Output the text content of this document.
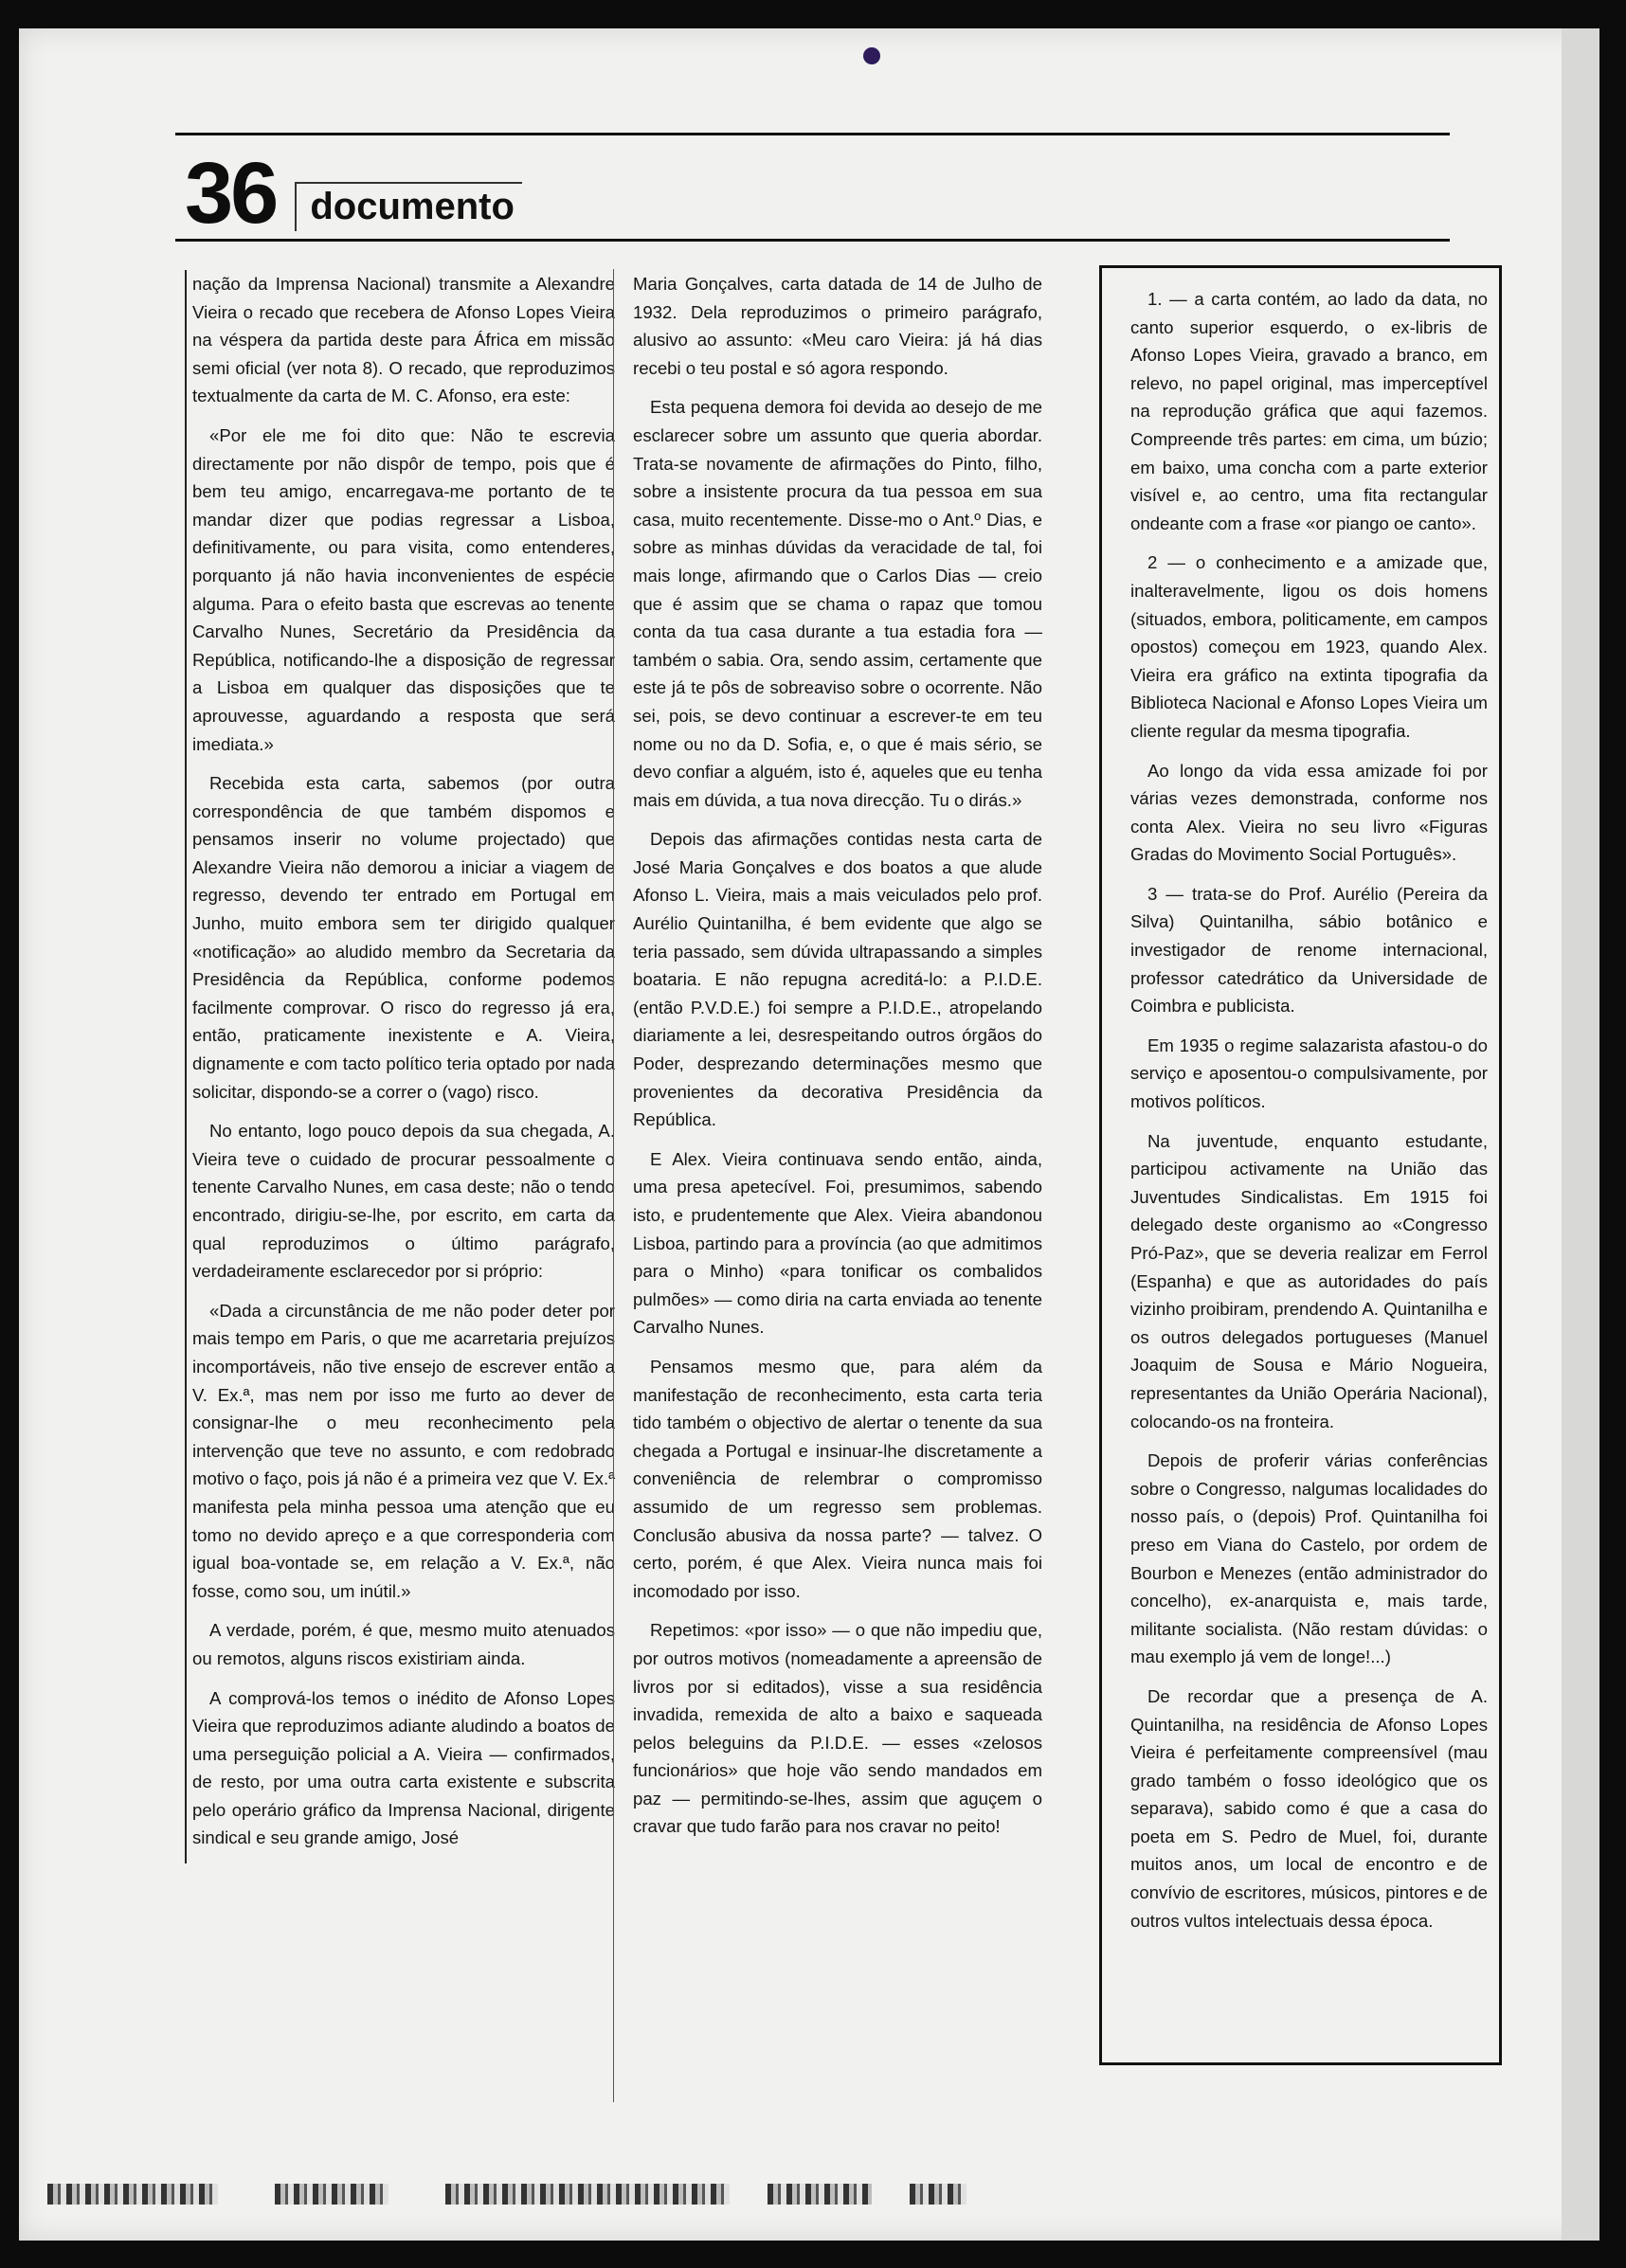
36 documento

nação da Imprensa Nacional) transmite a Alexandre Vieira o recado que recebera de Afonso Lopes Vieira na véspera da partida deste para África em missão semi oficial (ver nota 8). O recado, que reproduzimos textualmente da carta de M. C. Afonso, era este:

«Por ele me foi dito que: Não te escrevia directamente por não dispôr de tempo, pois que é bem teu amigo, encarregava-me portanto de te mandar dizer que podias regressar a Lisboa, definitivamente, ou para visita, como entenderes, porquanto já não havia inconvenientes de espécie alguma. Para o efeito basta que escrevas ao tenente Carvalho Nunes, Secretário da Presidência da República, notificando-lhe a disposição de regressar a Lisboa em qualquer das disposições que te aprouvesse, aguardando a resposta que será imediata.»

Recebida esta carta, sabemos (por outra correspondência de que também dispomos e pensamos inserir no volume projectado) que Alexandre Vieira não demorou a iniciar a viagem de regresso, devendo ter entrado em Portugal em Junho, muito embora sem ter dirigido qualquer «notificação» ao aludido membro da Secretaria da Presidência da República, conforme podemos facilmente comprovar. O risco do regresso já era, então, praticamente inexistente e A. Vieira, dignamente e com tacto político teria optado por nada solicitar, dispondo-se a correr o (vago) risco.

No entanto, logo pouco depois da sua chegada, A. Vieira teve o cuidado de procurar pessoalmente o tenente Carvalho Nunes, em casa deste; não o tendo encontrado, dirigiu-se-lhe, por escrito, em carta da qual reproduzimos o último parágrafo, verdadeiramente esclarecedor por si próprio:

«Dada a circunstância de me não poder deter por mais tempo em Paris, o que me acarretaria prejuízos incomportáveis, não tive ensejo de escrever então a V. Ex.ª, mas nem por isso me furto ao dever de consignar-lhe o meu reconhecimento pela intervenção que teve no assunto, e com redobrado motivo o faço, pois já não é a primeira vez que V. Ex.ª manifesta pela minha pessoa uma atenção que eu tomo no devido apreço e a que corresponderia com igual boa-vontade se, em relação a V. Ex.ª, não fosse, como sou, um inútil.»

A verdade, porém, é que, mesmo muito atenuados ou remotos, alguns riscos existiriam ainda.

A comprová-los temos o inédito de Afonso Lopes Vieira que reproduzimos adiante aludindo a boatos de uma perseguição policial a A. Vieira — confirmados, de resto, por uma outra carta existente e subscrita pelo operário gráfico da Imprensa Nacional, dirigente sindical e seu grande amigo, José

Maria Gonçalves, carta datada de 14 de Julho de 1932. Dela reproduzimos o primeiro parágrafo, alusivo ao assunto: «Meu caro Vieira: já há dias recebi o teu postal e só agora respondo.

Esta pequena demora foi devida ao desejo de me esclarecer sobre um assunto que queria abordar. Trata-se novamente de afirmações do Pinto, filho, sobre a insistente procura da tua pessoa em sua casa, muito recentemente. Disse-mo o Ant.º Dias, e sobre as minhas dúvidas da veracidade de tal, foi mais longe, afirmando que o Carlos Dias — creio que é assim que se chama o rapaz que tomou conta da tua casa durante a tua estadia fora — também o sabia. Ora, sendo assim, certamente que este já te pôs de sobreaviso sobre o ocorrente. Não sei, pois, se devo continuar a escrever-te em teu nome ou no da D. Sofia, e, o que é mais sério, se devo confiar a alguém, isto é, aqueles que eu tenha mais em dúvida, a tua nova direcção. Tu o dirás.»

Depois das afirmações contidas nesta carta de José Maria Gonçalves e dos boatos a que alude Afonso L. Vieira, mais a mais veiculados pelo prof. Aurélio Quintanilha, é bem evidente que algo se teria passado, sem dúvida ultrapassando a simples boataria. E não repugna acreditá-lo: a P.I.D.E. (então P.V.D.E.) foi sempre a P.I.D.E., atropelando diariamente a lei, desrespeitando outros órgãos do Poder, desprezando determinações mesmo que provenientes da decorativa Presidência da República.

E Alex. Vieira continuava sendo então, ainda, uma presa apetecível. Foi, presumimos, sabendo isto, e prudentemente que Alex. Vieira abandonou Lisboa, partindo para a província (ao que admitimos para o Minho) «para tonificar os combalidos pulmões» — como diria na carta enviada ao tenente Carvalho Nunes.

Pensamos mesmo que, para além da manifestação de reconhecimento, esta carta teria tido também o objectivo de alertar o tenente da sua chegada a Portugal e insinuar-lhe discretamente a conveniência de relembrar o compromisso assumido de um regresso sem problemas. Conclusão abusiva da nossa parte? — talvez. O certo, porém, é que Alex. Vieira nunca mais foi incomodado por isso.

Repetimos: «por isso» — o que não impediu que, por outros motivos (nomeadamente a apreensão de livros por si editados), visse a sua residência invadida, remexida de alto a baixo e saqueada pelos beleguins da P.I.D.E. — esses «zelosos funcionários» que hoje vão sendo mandados em paz — permitindo-se-lhes, assim que aguçem o cravar que tudo farão para nos cravar no peito!

1. — a carta contém, ao lado da data, no canto superior esquerdo, o ex-libris de Afonso Lopes Vieira, gravado a branco, em relevo, no papel original, mas imperceptível na reprodução gráfica que aqui fazemos. Compreende três partes: em cima, um búzio; em baixo, uma concha com a parte exterior visível e, ao centro, uma fita rectangular ondeante com a frase «or piango oe canto».

2 — o conhecimento e a amizade que, inalteravelmente, ligou os dois homens (situados, embora, politicamente, em campos opostos) começou em 1923, quando Alex. Vieira era gráfico na extinta tipografia da Biblioteca Nacional e Afonso Lopes Vieira um cliente regular da mesma tipografia.

Ao longo da vida essa amizade foi por várias vezes demonstrada, conforme nos conta Alex. Vieira no seu livro «Figuras Gradas do Movimento Social Português».

3 — trata-se do Prof. Aurélio (Pereira da Silva) Quintanilha, sábio botânico e investigador de renome internacional, professor catedrático da Universidade de Coimbra e publicista.

Em 1935 o regime salazarista afastou-o do serviço e aposentou-o compulsivamente, por motivos políticos.

Na juventude, enquanto estudante, participou activamente na União das Juventudes Sindicalistas. Em 1915 foi delegado deste organismo ao «Congresso Pró-Paz», que se deveria realizar em Ferrol (Espanha) e que as autoridades do país vizinho proibiram, prendendo A. Quintanilha e os outros delegados portugueses (Manuel Joaquim de Sousa e Mário Nogueira, representantes da União Operária Nacional), colocando-os na fronteira.

Depois de proferir várias conferências sobre o Congresso, nalgumas localidades do nosso país, o (depois) Prof. Quintanilha foi preso em Viana do Castelo, por ordem de Bourbon e Menezes (então administrador do concelho), ex-anarquista e, mais tarde, militante socialista. (Não restam dúvidas: o mau exemplo já vem de longe!...)

De recordar que a presença de A. Quintanilha, na residência de Afonso Lopes Vieira é perfeitamente compreensível (mau grado também o fosso ideológico que os separava), sabido como é que a casa do poeta em S. Pedro de Muel, foi, durante muitos anos, um local de encontro e de convívio de escritores, músicos, pintores e de outros vultos intelectuais dessa época.
